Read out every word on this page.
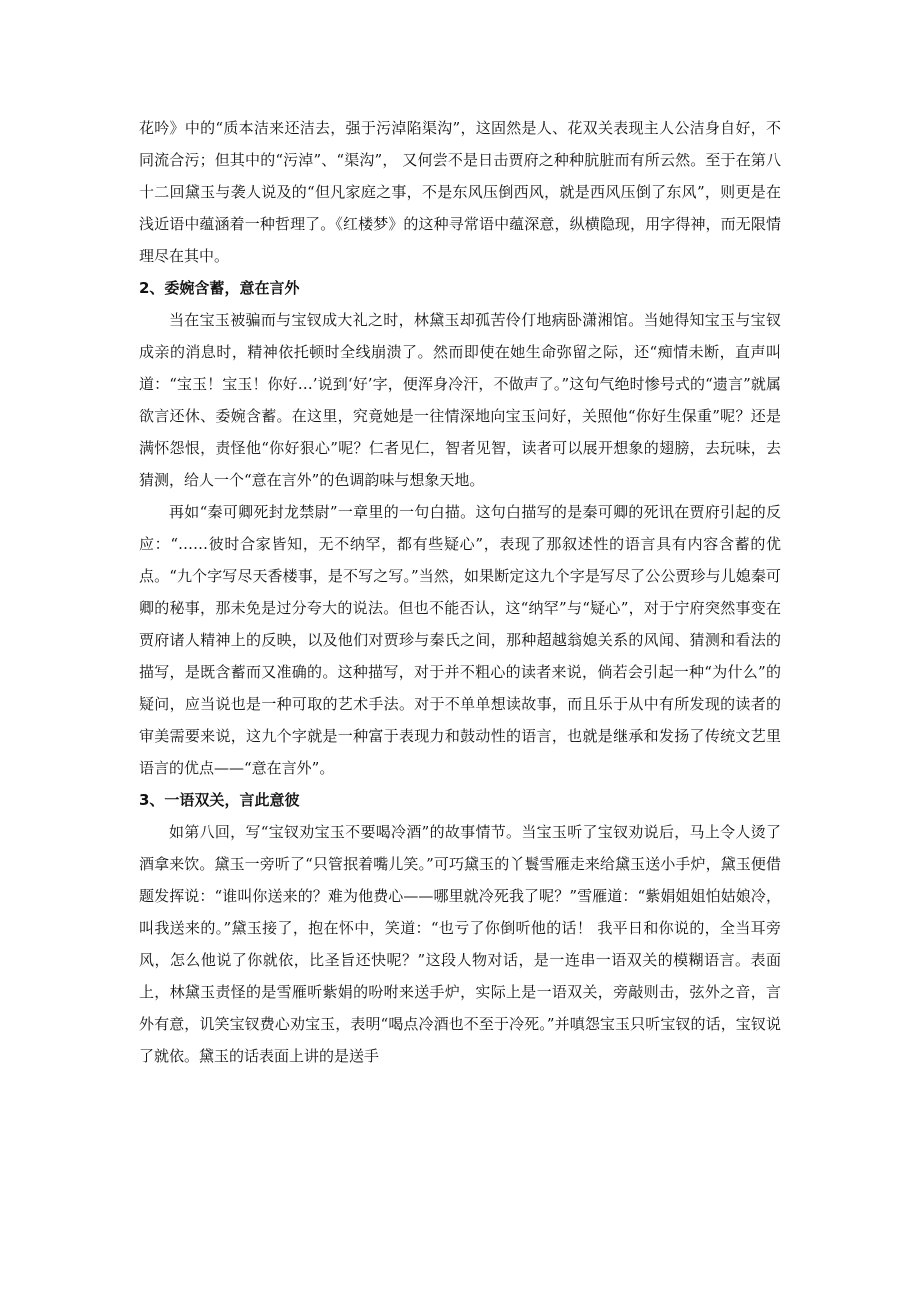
花吟》中的“质本洁来还洁去，强于污淖陷渠沟”，这固然是人、花双关表现主人公洁身自好，不同流合污；但其中的“污淖”、“渠沟”， 又何尝不是日击贾府之种种肮脏而有所云然。至于在第八十二回黛玉与袭人说及的“但凡家庭之事，不是东风压倒西风，就是西风压倒了东风”，则更是在浅近语中蕴涵着一种哲理了。《红楼梦》的这种寻常语中蕴深意，纵横隐现，用字得神，而无限情理尽在其中。

2、委婉含蓄，意在言外

当在宝玉被骗而与宝钗成大礼之时，林黛玉却孤苦伶仃地病卧潇湘馆。当她得知宝玉与宝钗成亲的消息时，精神依托顿时全线崩溃了。然而即使在她生命弥留之际，还“痴情未断，直声叫道：“宝玉！宝玉！你好…’说到‘好’字，便浑身冷汗，不做声了。”这句气绝时惨号式的“遗言”就属欲言还休、委婉含蓄。在这里，究竟她是一往情深地向宝玉问好，关照他“你好生保重”呢？还是满怀怨恨，责怪他“你好狠心”呢？仁者见仁，智者见智，读者可以展开想象的翅膀，去玩味，去猜测，给人一个“意在言外”的色调韵味与想象天地。

再如“秦可卿死封龙禁尉”一章里的一句白描。这句白描写的是秦可卿的死讯在贾府引起的反应：“……彼时合家皆知，无不纳罕，都有些疑心”，表现了那叙述性的语言具有内容含蓄的优点。“九个字写尽天香楼事，是不写之写。”当然，如果断定这九个字是写尽了公公贾珍与儿媳秦可卿的秘事，那未免是过分夸大的说法。但也不能否认，这“纳罕”与“疑心”，对于宁府突然事变在贾府诸人精神上的反映，以及他们对贾珍与秦氏之间，那种超越翁媳关系的风闻、猜测和看法的描写，是既含蓄而又准确的。这种描写，对于并不粗心的读者来说，倘若会引起一种“为什么”的疑问，应当说也是一种可取的艺术手法。对于不单单想读故事，而且乐于从中有所发现的读者的审美需要来说，这九个字就是一种富于表现力和鼓动性的语言，也就是继承和发扬了传统文艺里语言的优点——“意在言外”。

3、一语双关，言此意彼

如第八回，写“宝钗劝宝玉不要喝冷酒”的故事情节。当宝玉听了宝钗劝说后，马上令人烫了酒拿来饮。黛玉一旁听了“只管抿着嘴儿笑。”可巧黛玉的丫鬟雪雁走来给黛玉送小手炉，黛玉便借题发挥说：“谁叫你送来的？难为他费心——哪里就冷死我了呢？”雪雁道：“紫娟姐姐怕姑娘冷，叫我送来的。”黛玉接了，抱在怀中，笑道：“也亏了你倒听他的话！ 我平日和你说的，全当耳旁风，怎么他说了你就依，比圣旨还快呢？”这段人物对话，是一连串一语双关的模糊语言。表面上，林黛玉责怪的是雪雁听紫娟的吩咐来送手炉，实际上是一语双关，旁敲则击，弦外之音，言外有意，讥笑宝钗费心劝宝玉，表明“喝点冷酒也不至于冷死。”并嗔怨宝玉只听宝钗的话，宝钗说了就依。黛玉的话表面上讲的是送手
